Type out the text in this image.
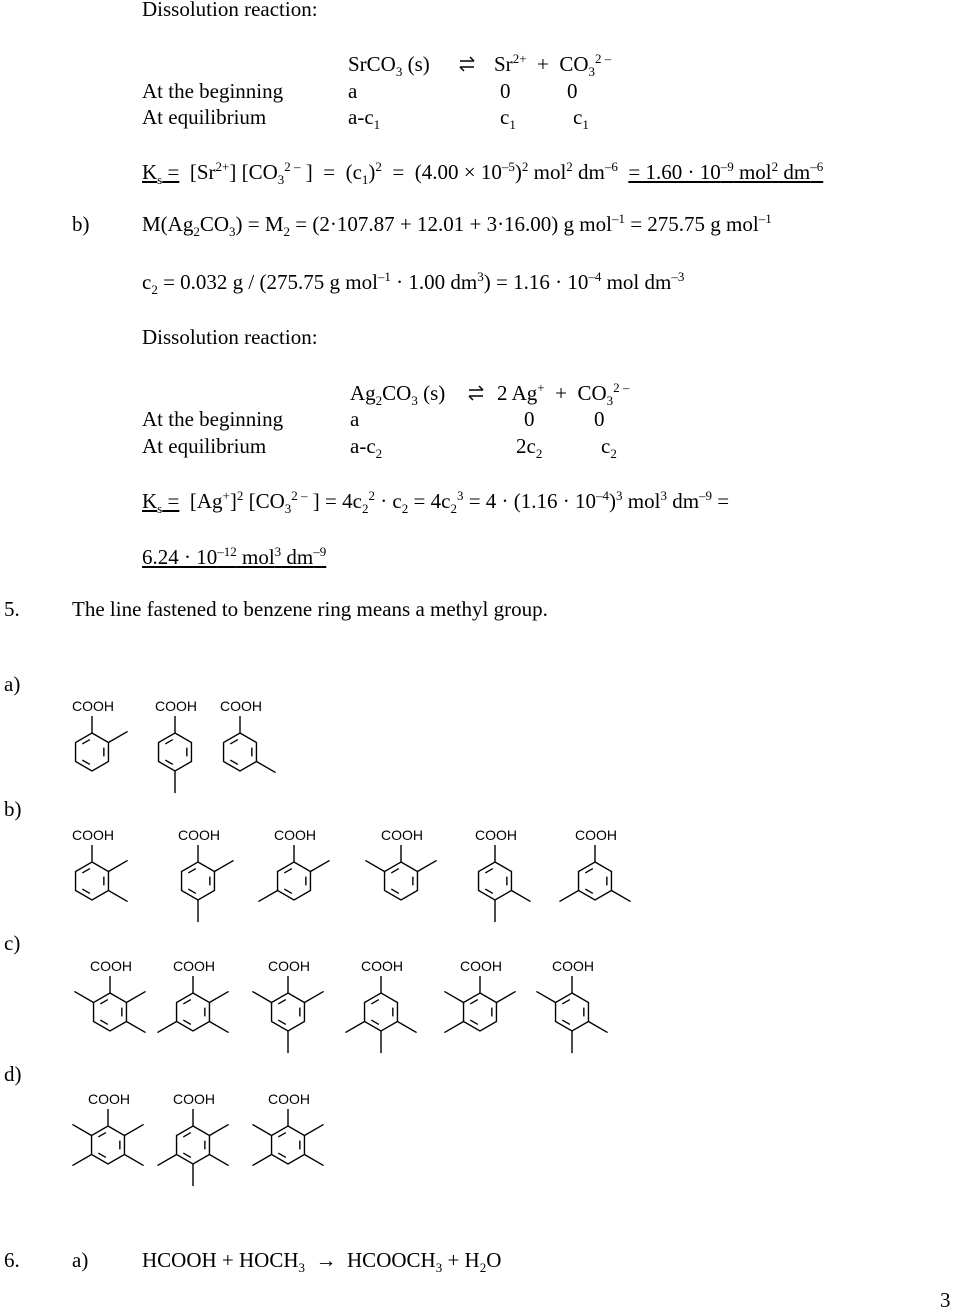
Dissolution reaction:
SrCO$_3$ (s) ⇌ $Sr^{2+} + CO_3^{2 -}$
At the beginning	a	0	0
At equilibrium	$a-c_1$	$c_1$	$c_1$
$K_s = [Sr^{2+}]$ [$CO_3^{2 -}$ ]  =  $(c_1)^2 = (4.00 \times 10^{-5})^2$ mol$^2$ $dm^{-6} = 1.60 \cdot 10^{-9}$ mol$^2$ $dm^{-6}$
b)	$M(Ag_2CO_3) = M_2 = (2\cdot 107.87 + 12.01 + 3\cdot 16.00)$ g mol$^{-1}$ = 275.75 g mol$^{-1}$
$c_2 = 0.032$ g / (275.75 g mol$^{-1}$ · 1.00 $dm^3) = 1.16 \cdot 10^{-4}$ mol $dm^{-3}$
Dissolution reaction:
$Ag_2CO_3$ (s) ⇌ 2 $Ag^+ + CO_3^{2 -}$
At the beginning	a	0	0
At equilibrium	$a-c_2$	$2c_2$	$c_2$
$K_s = [Ag^+]^2$ [$CO_3^{2 -}$ ] = $4c_2^2 \cdot c_2 = 4c_2^3 = 4 \cdot (1.16 \cdot 10^{-4})^3$ mol$^3$ $dm^{-9}$ =
$6.24 \cdot 10^{-12}$ mol$^3$ $dm^{-9}$
5. The line fastened to benzene ring means a methyl group.
a)
b)
c)
d)
COOH	COOH COOH
COOH	COOH	COOH	COOH	COOH	COOH
COOH	COOH	COOH	COOH	COOH	COOH
COOH	COOH	COOH
6. a)	HCOOH + $HOCH_3$  →  $HCOOCH_3 + H_2O$
3
